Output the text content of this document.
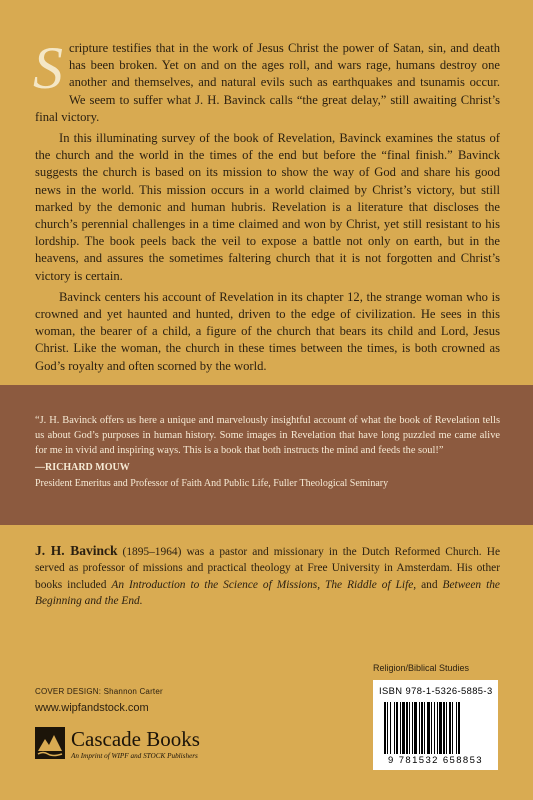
Scripture testifies that in the work of Jesus Christ the power of Satan, sin, and death has been broken. Yet on and on the ages roll, and wars rage, humans destroy one another and themselves, and natural evils such as earthquakes and tsunamis occur. We seem to suffer what J. H. Bavinck calls “the great delay,” still awaiting Christ’s final victory.

In this illuminating survey of the book of Revelation, Bavinck examines the status of the church and the world in the times of the end but before the “final finish.” Bavinck suggests the church is based on its mission to show the way of God and share his good news in the world. This mission occurs in a world claimed by Christ’s victory, but still marked by the demonic and human hubris. Revelation is a literature that discloses the church’s perennial challenges in a time claimed and won by Christ, yet still resistant to his lordship. The book peels back the veil to expose a battle not only on earth, but in the heavens, and assures the sometimes faltering church that it is not forgotten and Christ’s victory is certain.

Bavinck centers his account of Revelation in its chapter 12, the strange woman who is crowned and yet haunted and hunted, driven to the edge of civilization. He sees in this woman, the bearer of a child, a figure of the church that bears its child and Lord, Jesus Christ. Like the woman, the church in these times between the times, is both crowned as God’s royalty and often scorned by the world.

“J. H. Bavinck offers us here a unique and marvelously insightful account of what the book of Revelation tells us about God’s purposes in human history. Some images in Revelation that have long puzzled me came alive for me in vivid and inspiring ways. This is a book that both instructs the mind and feeds the soul!”

—RICHARD MOUW
President Emeritus and Professor of Faith And Public Life, Fuller Theological Seminary
J. H. Bavinck (1895–1964) was a pastor and missionary in the Dutch Reformed Church. He served as professor of missions and practical theology at Free University in Amsterdam. His other books included An Introduction to the Science of Missions, The Riddle of Life, and Between the Beginning and the End.
Religion/Biblical Studies
ISBN 978-1-5326-5885-3
9 781532 658853
COVER DESIGN: Shannon Carter
www.wipfandstock.com
Cascade Books
An Imprint of WIPF and STOCK Publishers
